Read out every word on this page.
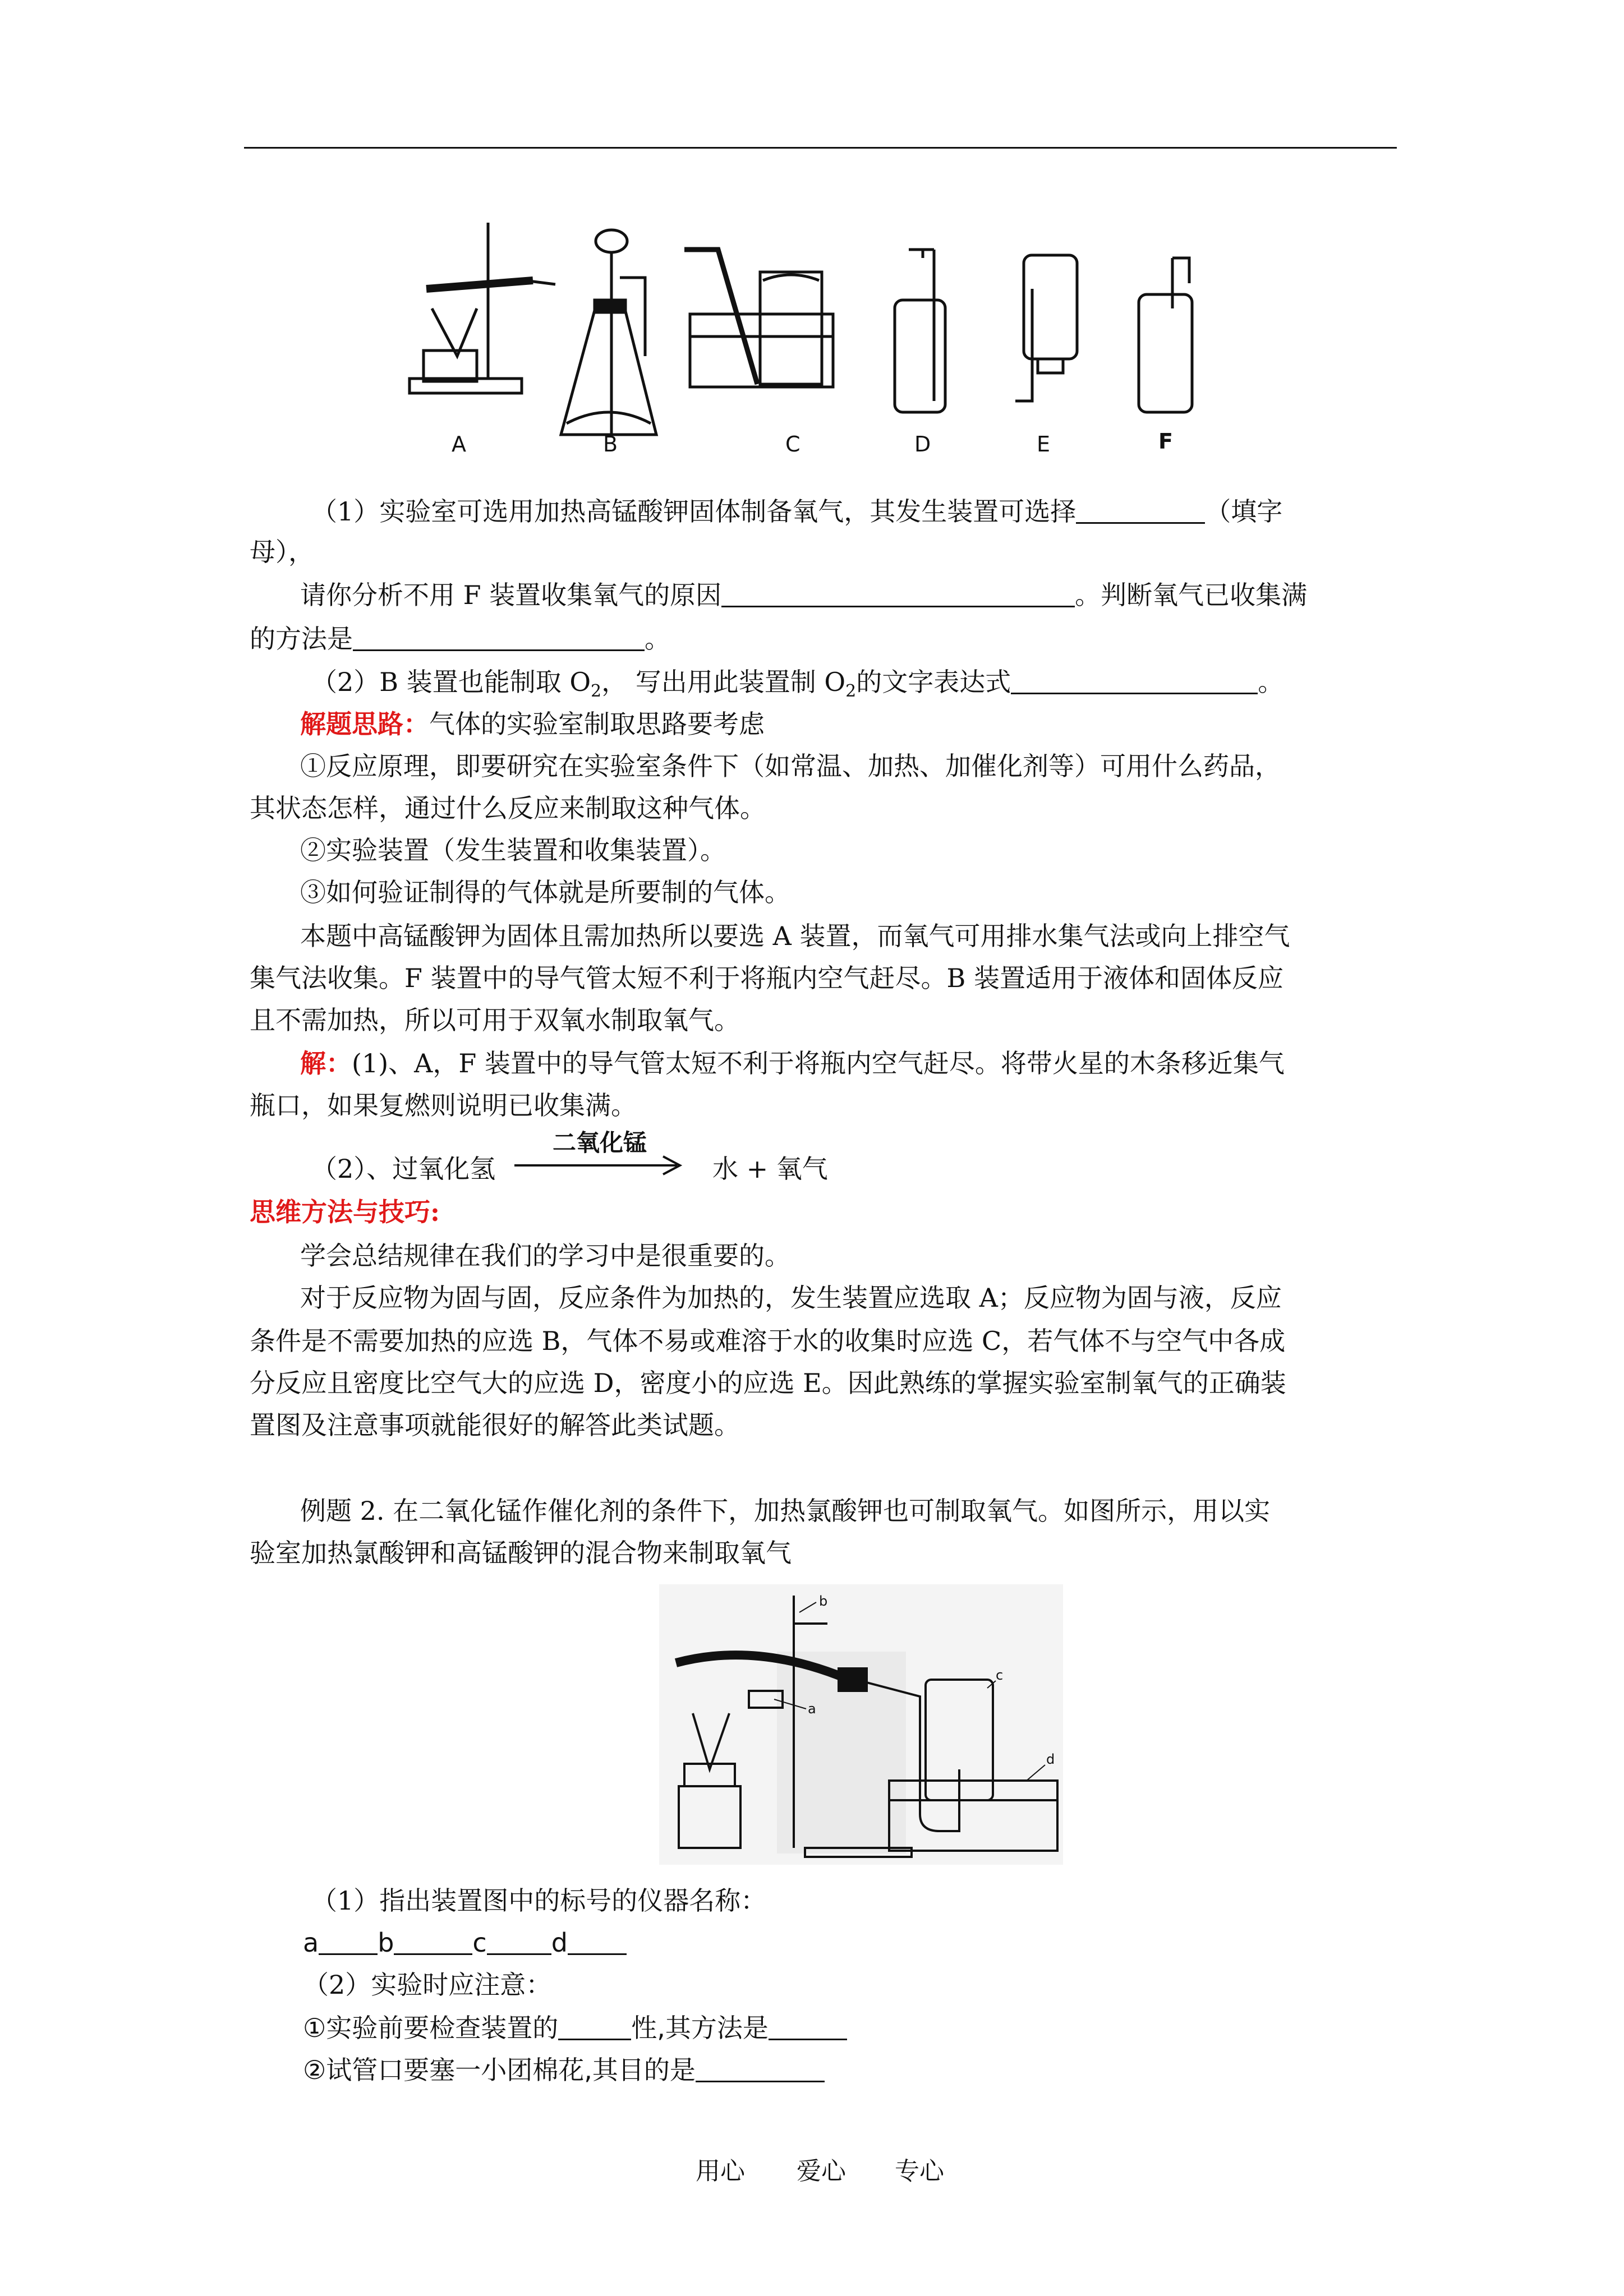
A	B	C	D	E	F
（1）实验室可选用加热高锰酸钾固体制备氧气，其发生装置可选择	（填字
母），
请你分析不用 F 装置收集氧气的原因	。判断氧气已收集满
的方法是	。
（2）B 装置也能制取 $O_2$， 写出用此装置制 $O_2$的文字表达式	。
解题思路：气体的实验室制取思路要考虑
①反应原理，即要研究在实验室条件下（如常温、加热、加催化剂等）可用什么药品，
其状态怎样，通过什么反应来制取这种气体。
②实验装置（发生装置和收集装置）。
③如何验证制得的气体就是所要制的气体。
本题中高锰酸钾为固体且需加热所以要选 A 装置，而氧气可用排水集气法或向上排空气
集气法收集。F 装置中的导气管太短不利于将瓶内空气赶尽。B 装置适用于液体和固体反应
且不需加热，所以可用于双氧水制取氧气。
解：(1)、A，F 装置中的导气管太短不利于将瓶内空气赶尽。将带火星的木条移近集气
瓶口，如果复燃则说明已收集满。
（2）、过氧化氢
二氧化锰
水 + 氧气
思维方法与技巧:
学会总结规律在我们的学习中是很重要的。
对于反应物为固与固，反应条件为加热的，发生装置应选取 A；反应物为固与液，反应
条件是不需要加热的应选 B，气体不易或难溶于水的收集时应选 C，若气体不与空气中各成
分反应且密度比空气大的应选 D，密度小的应选 E。因此熟练的掌握实验室制氧气的正确装
置图及注意事项就能很好的解答此类试题。
例题 2. 在二氧化锰作催化剂的条件下，加热氯酸钾也可制取氧气。如图所示，用以实
验室加热氯酸钾和高锰酸钾的混合物来制取氧气
b
a
c
d
（1）指出装置图中的标号的仪器名称：
a b	c	d
（2）实验时应注意：
①实验前要检查装置的	性,其方法是
②试管口要塞一小团棉花,其目的是
用心 爱心 专心
